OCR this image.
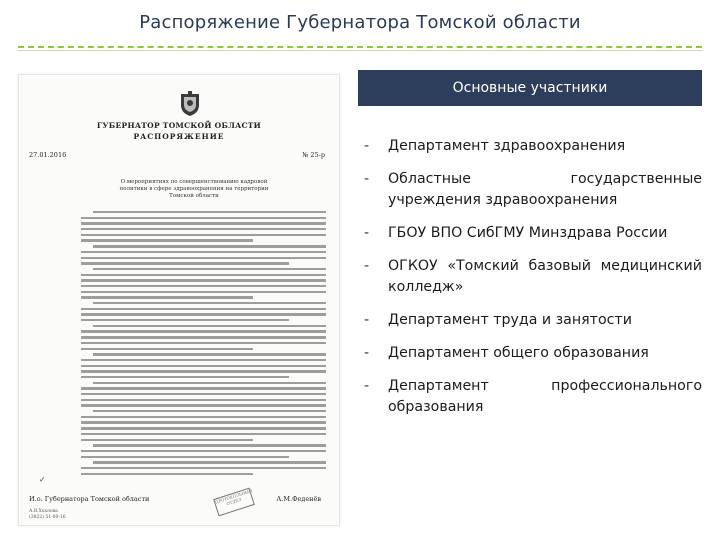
Распоряжение Губернатора Томской области
ГУБЕРНАТОР ТОМСКОЙ ОБЛАСТИ
РАСПОРЯЖЕНИЕ
27.01.2016	№ 25-р
О мероприятиях по совершенствованию кадровой политики в сфере здравоохранения на территории Томской области
✓
ПРОТОКОЛЬНЫЙ ОТДЕЛ
И.о. Губернатора Томской области	А.М.Феденёв
А.В.Хохлова
(3822) 51-00-16
Основные участники
- Департамент здравоохранения
- Областные государственные учреждения здравоохранения
- ГБОУ ВПО СибГМУ Минздрава России
- ОГКОУ «Томский базовый медицинский колледж»
- Департамент труда и занятости
- Департамент общего образования
- Департамент профессионального образования
